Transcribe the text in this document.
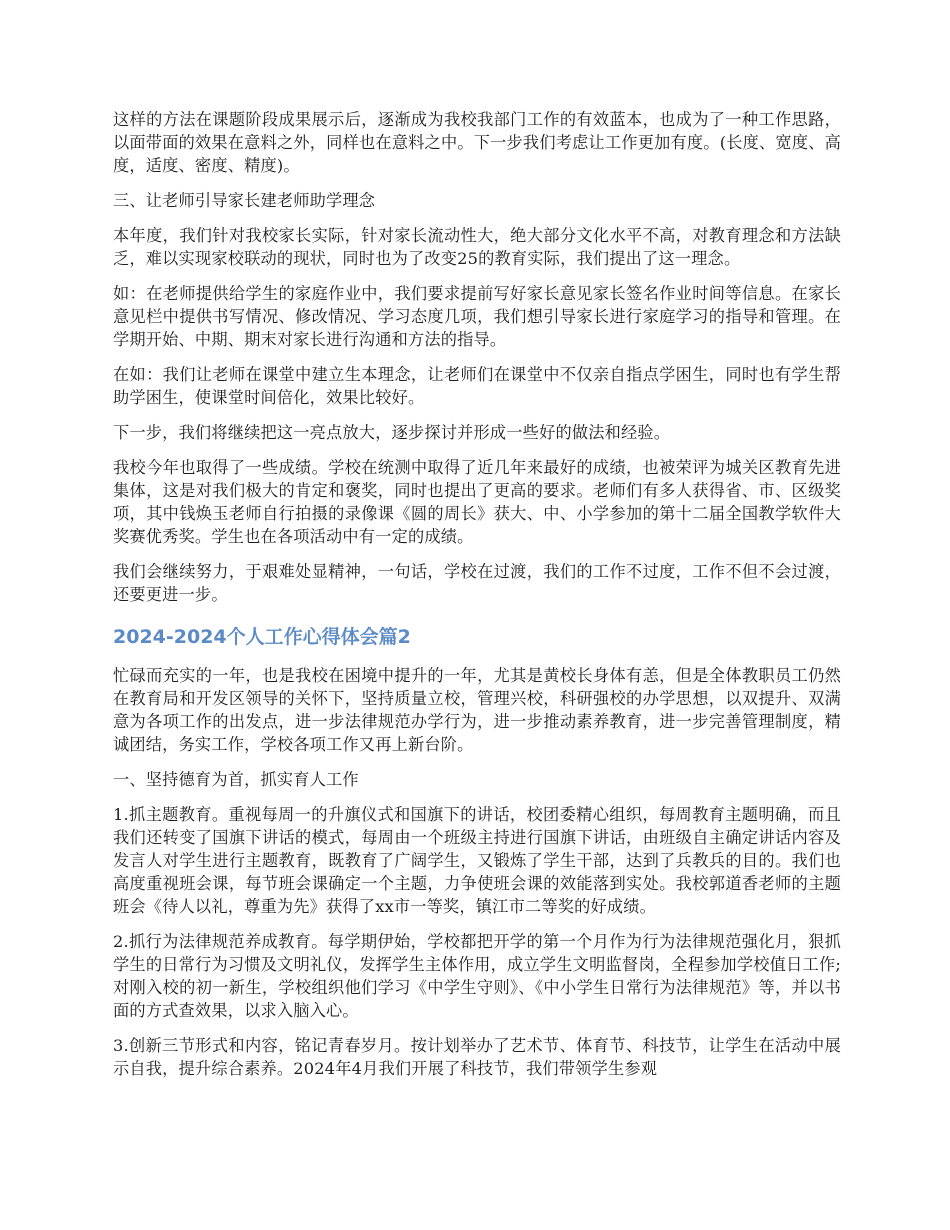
这样的方法在课题阶段成果展示后，逐渐成为我校我部门工作的有效蓝本，也成为了一种工作思路，以面带面的效果在意料之外，同样也在意料之中。下一步我们考虑让工作更加有度。(长度、宽度、高度，适度、密度、精度)。

三、让老师引导家长建老师助学理念

本年度，我们针对我校家长实际，针对家长流动性大，绝大部分文化水平不高，对教育理念和方法缺乏，难以实现家校联动的现状，同时也为了改变25的教育实际，我们提出了这一理念。

如：在老师提供给学生的家庭作业中，我们要求提前写好家长意见家长签名作业时间等信息。在家长意见栏中提供书写情况、修改情况、学习态度几项，我们想引导家长进行家庭学习的指导和管理。在学期开始、中期、期末对家长进行沟通和方法的指导。

在如：我们让老师在课堂中建立生本理念，让老师们在课堂中不仅亲自指点学困生，同时也有学生帮助学困生，使课堂时间倍化，效果比较好。

下一步，我们将继续把这一亮点放大，逐步探讨并形成一些好的做法和经验。

我校今年也取得了一些成绩。学校在统测中取得了近几年来最好的成绩，也被荣评为城关区教育先进集体，这是对我们极大的肯定和褒奖，同时也提出了更高的要求。老师们有多人获得省、市、区级奖项，其中钱焕玉老师自行拍摄的录像课《圆的周长》获大、中、小学参加的第十二届全国教学软件大奖赛优秀奖。学生也在各项活动中有一定的成绩。

我们会继续努力，于艰难处显精神，一句话，学校在过渡，我们的工作不过度，工作不但不会过渡，还要更进一步。

2024-2024个人工作心得体会篇2

忙碌而充实的一年，也是我校在困境中提升的一年，尤其是黄校长身体有恙，但是全体教职员工仍然在教育局和开发区领导的关怀下，坚持质量立校，管理兴校，科研强校的办学思想，以双提升、双满意为各项工作的出发点，进一步法律规范办学行为，进一步推动素养教育，进一步完善管理制度，精诚团结，务实工作，学校各项工作又再上新台阶。

一、坚持德育为首，抓实育人工作

1.抓主题教育。重视每周一的升旗仪式和国旗下的讲话，校团委精心组织，每周教育主题明确，而且我们还转变了国旗下讲话的模式，每周由一个班级主持进行国旗下讲话，由班级自主确定讲话内容及发言人对学生进行主题教育，既教育了广阔学生，又锻炼了学生干部，达到了兵教兵的目的。我们也高度重视班会课，每节班会课确定一个主题，力争使班会课的效能落到实处。我校郭道香老师的主题班会《待人以礼，尊重为先》获得了xx市一等奖，镇江市二等奖的好成绩。

2.抓行为法律规范养成教育。每学期伊始，学校都把开学的第一个月作为行为法律规范强化月，狠抓学生的日常行为习惯及文明礼仪，发挥学生主体作用，成立学生文明监督岗，全程参加学校值日工作;对刚入校的初一新生，学校组织他们学习《中学生守则》、《中小学生日常行为法律规范》等，并以书面的方式查效果，以求入脑入心。

3.创新三节形式和内容，铭记青春岁月。按计划举办了艺术节、体育节、科技节，让学生在活动中展示自我，提升综合素养。2024年4月我们开展了科技节，我们带领学生参观
